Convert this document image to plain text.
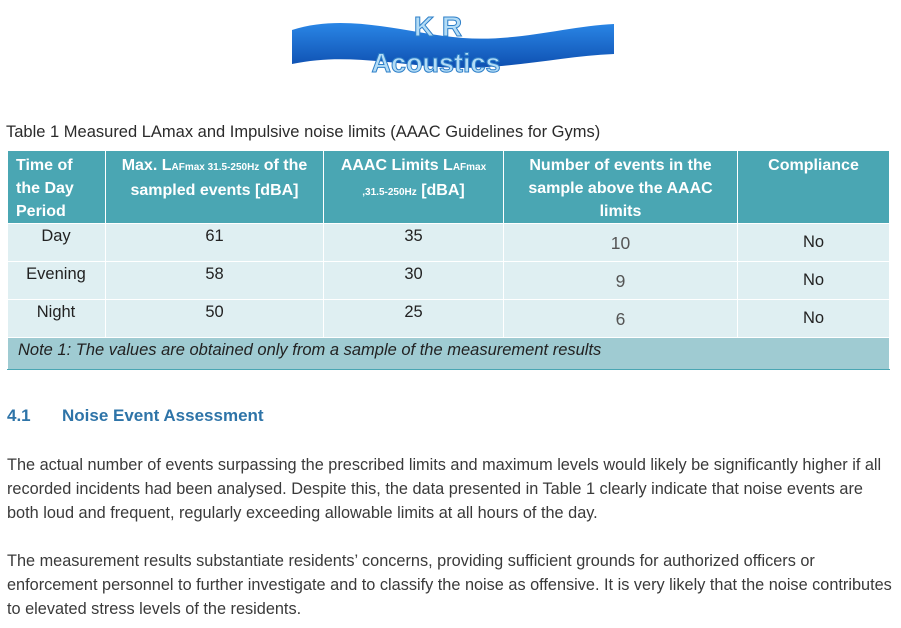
K R
Acoustics
Table 1 Measured LAmax and Impulsive noise limits (AAAC Guidelines for Gyms)
Time of the Day Period	Max. LAFmax 31.5-250Hz of the sampled events [dBA]	AAAC Limits LAFmax ,31.5-250Hz [dBA]	Number of events in the sample above the AAAC limits	Compliance
Day	61	35	10	No
Evening	58	30	9	No
Night	50	25	6	No
Note 1: The values are obtained only from a sample of the measurement results				
4.1 Noise Event Assessment

The actual number of events surpassing the prescribed limits and maximum levels would likely be significantly higher if all recorded incidents had been analysed. Despite this, the data presented in Table 1 clearly indicate that noise events are both loud and frequent, regularly exceeding allowable limits at all hours of the day.

The measurement results substantiate residents’ concerns, providing sufficient grounds for authorized officers or enforcement personnel to further investigate and to classify the noise as offensive. It is very likely that the noise contributes to elevated stress levels of the residents.
